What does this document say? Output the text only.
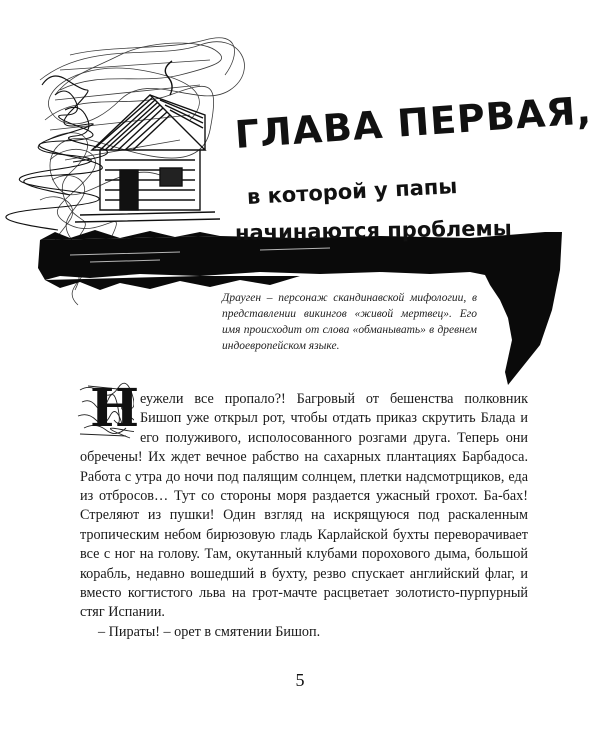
ГЛАВА ПЕРВАЯ,
в которой у папы
начинаются проблемы
Драуген – персонаж скандинавской мифологии, в представлении викингов «живой мертвец». Его имя происходит от слова «обманывать» в древнем индоевропейском языке.
Н еужели все пропало?! Багровый от бешенства полковник Бишоп уже открыл рот, чтобы отдать приказ скрутить Блада и его полуживого, исполосованного розгами друга. Теперь они обречены! Их ждет вечное рабство на сахарных плантациях Барбадоса. Работа с утра до ночи под палящим солнцем, плетки надсмотрщиков, еда из отбросов… Тут со стороны моря раздается ужасный грохот. Ба-бах! Стреляют из пушки! Один взгляд на искрящуюся под раскаленным тропическим небом бирюзовую гладь Карлайской бухты переворачивает все с ног на голову. Там, окутанный клубами порохового дыма, большой корабль, недавно вошедший в бухту, резво спускает английский флаг, и вместо когтистого льва на грот-мачте расцветает золотисто-пурпурный стяг Испании.

– Пираты! – орет в смятении Бишоп.

5
